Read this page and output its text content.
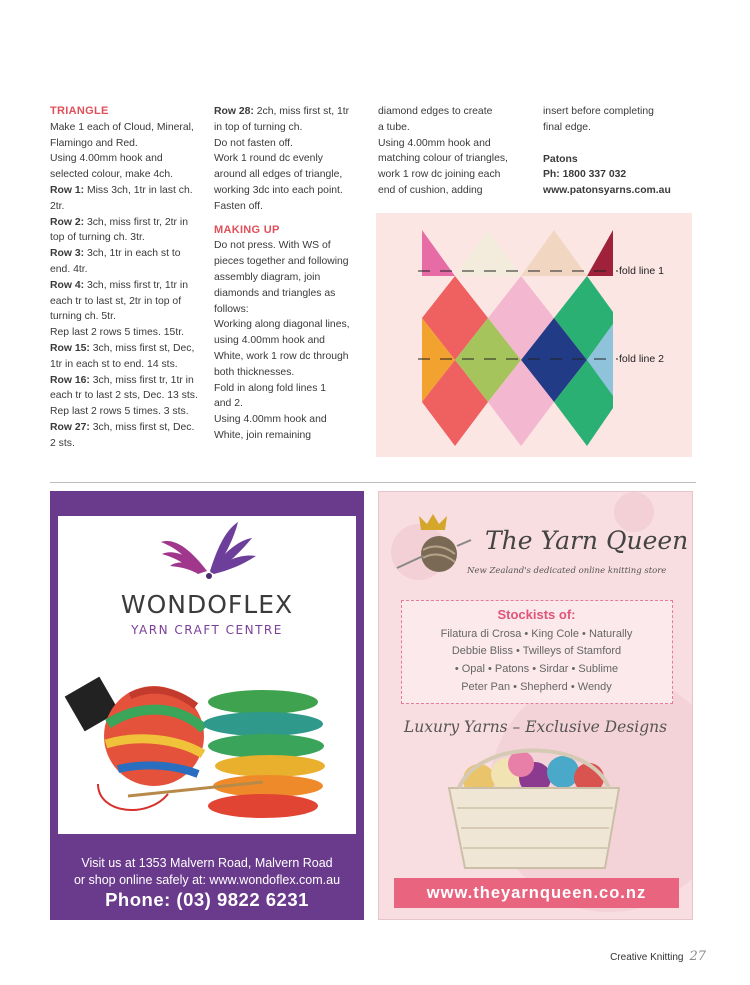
TRIANGLE

Make 1 each of Cloud, Mineral,

Flamingo and Red.

Using 4.00mm hook and

selected colour, make 4ch.

Row 1: Miss 3ch, 1tr in last ch.

2tr.

Row 2: 3ch, miss first tr, 2tr in

top of turning ch. 3tr.

Row 3: 3ch, 1tr in each st to

end. 4tr.

Row 4: 3ch, miss first tr, 1tr in

each tr to last st, 2tr in top of

turning ch. 5tr.

Rep last 2 rows 5 times. 15tr.

Row 15: 3ch, miss first st, Dec,

1tr in each st to end. 14 sts.

Row 16: 3ch, miss first tr, 1tr in

each tr to last 2 sts, Dec. 13 sts.

Rep last 2 rows 5 times. 3 sts.

Row 27: 3ch, miss first st, Dec.

2 sts.

Row 28: 2ch, miss first st, 1tr

in top of turning ch.

Do not fasten off.

Work 1 round dc evenly

around all edges of triangle,

working 3dc into each point.

Fasten off.

MAKING UP

Do not press. With WS of

pieces together and following

assembly diagram, join

diamonds and triangles as

follows:

Working along diagonal lines,

using 4.00mm hook and

White, work 1 row dc through

both thicknesses.

Fold in along fold lines 1

and 2.

Using 4.00mm hook and

White, join remaining

diamond edges to create

a tube.

Using 4.00mm hook and

matching colour of triangles,

work 1 row dc joining each

end of cushion, adding

insert before completing

final edge.

Patons

Ph: 1800 337 032

www.patonsyarns.com.au

fold line 1
fold line 2
WONDOFLEX
YARN CRAFT CENTRE
Visit us at 1353 Malvern Road, Malvern Road
or shop online safely at: www.wondoflex.com.au
Phone: (03) 9822 6231
The Yarn Queen
New Zealand's dedicated online knitting store
Stockists of:
Filatura di Crosa • King Cole • Naturally
Debbie Bliss • Twilleys of Stamford
• Opal • Patons • Sirdar • Sublime
Peter Pan • Shepherd • Wendy
Luxury Yarns – Exclusive Designs
www.theyarnqueen.co.nz
Creative Knitting 27
